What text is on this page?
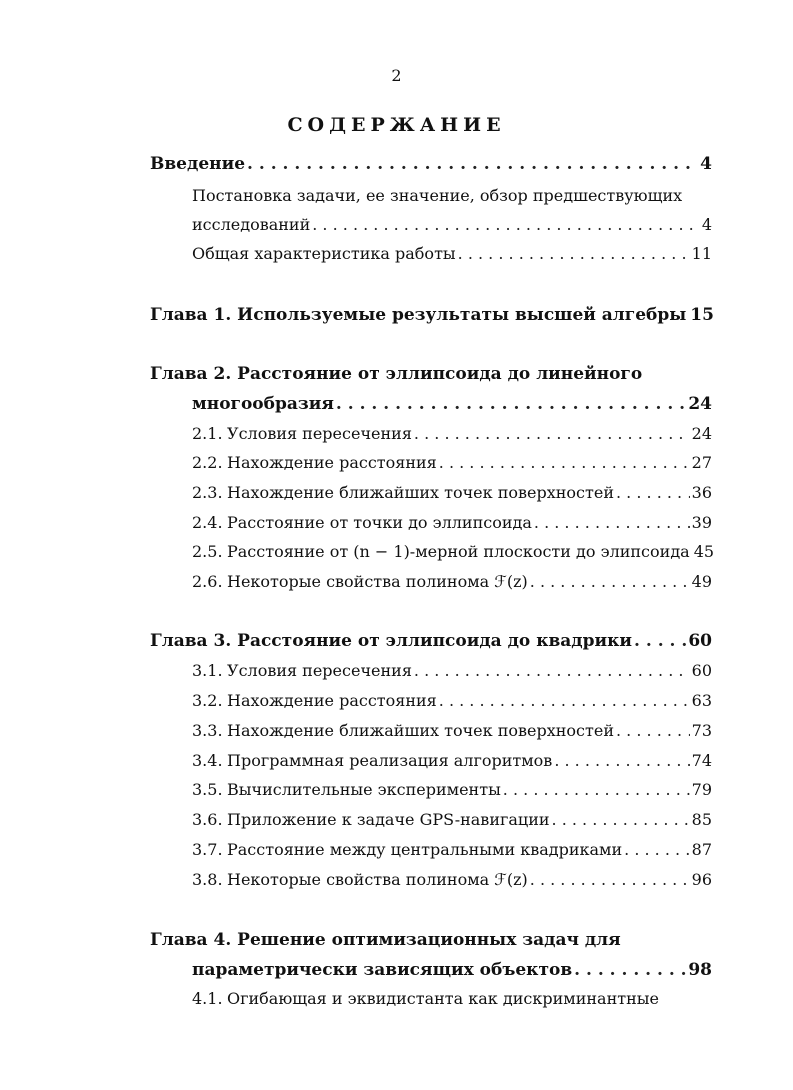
2
СОДЕРЖАНИЕ
Введение . . .	4
Постановка задачи, ее значение, обзор предшествующих
исследований . . .	4
Общая характеристика работы . . .	11
Глава 1. Используемые результаты высшей алгебры 15
Глава 2. Расстояние от эллипсоида до линейного
многообразия . . .	24
2.1. Условия пересечения . . .	24
2.2. Нахождение расстояния . . .	27
2.3. Нахождение ближайших точек поверхностей . . .	36
2.4. Расстояние от точки до эллипсоида . . .	39
2.5. Расстояние от (n − 1)-мерной плоскости до элипсоида 45
2.6. Некоторые свойства полинома ℱ(z) . . .	49
Глава 3. Расстояние от эллипсоида до квадрики . . .	60
3.1. Условия пересечения . . .	60
3.2. Нахождение расстояния . . .	63
3.3. Нахождение ближайших точек поверхностей . . .	73
3.4. Программная реализация алгоритмов . . .	74
3.5. Вычислительные эксперименты . . .	79
3.6. Приложение к задаче GPS-навигации . . .	85
3.7. Расстояние между центральными квадриками . . .	87
3.8. Некоторые свойства полинома ℱ(z) . . .	96
Глава 4. Решение оптимизационных задач для
параметрически зависящих объектов . . .	98
4.1. Огибающая и эквидистанта как дискриминантные
